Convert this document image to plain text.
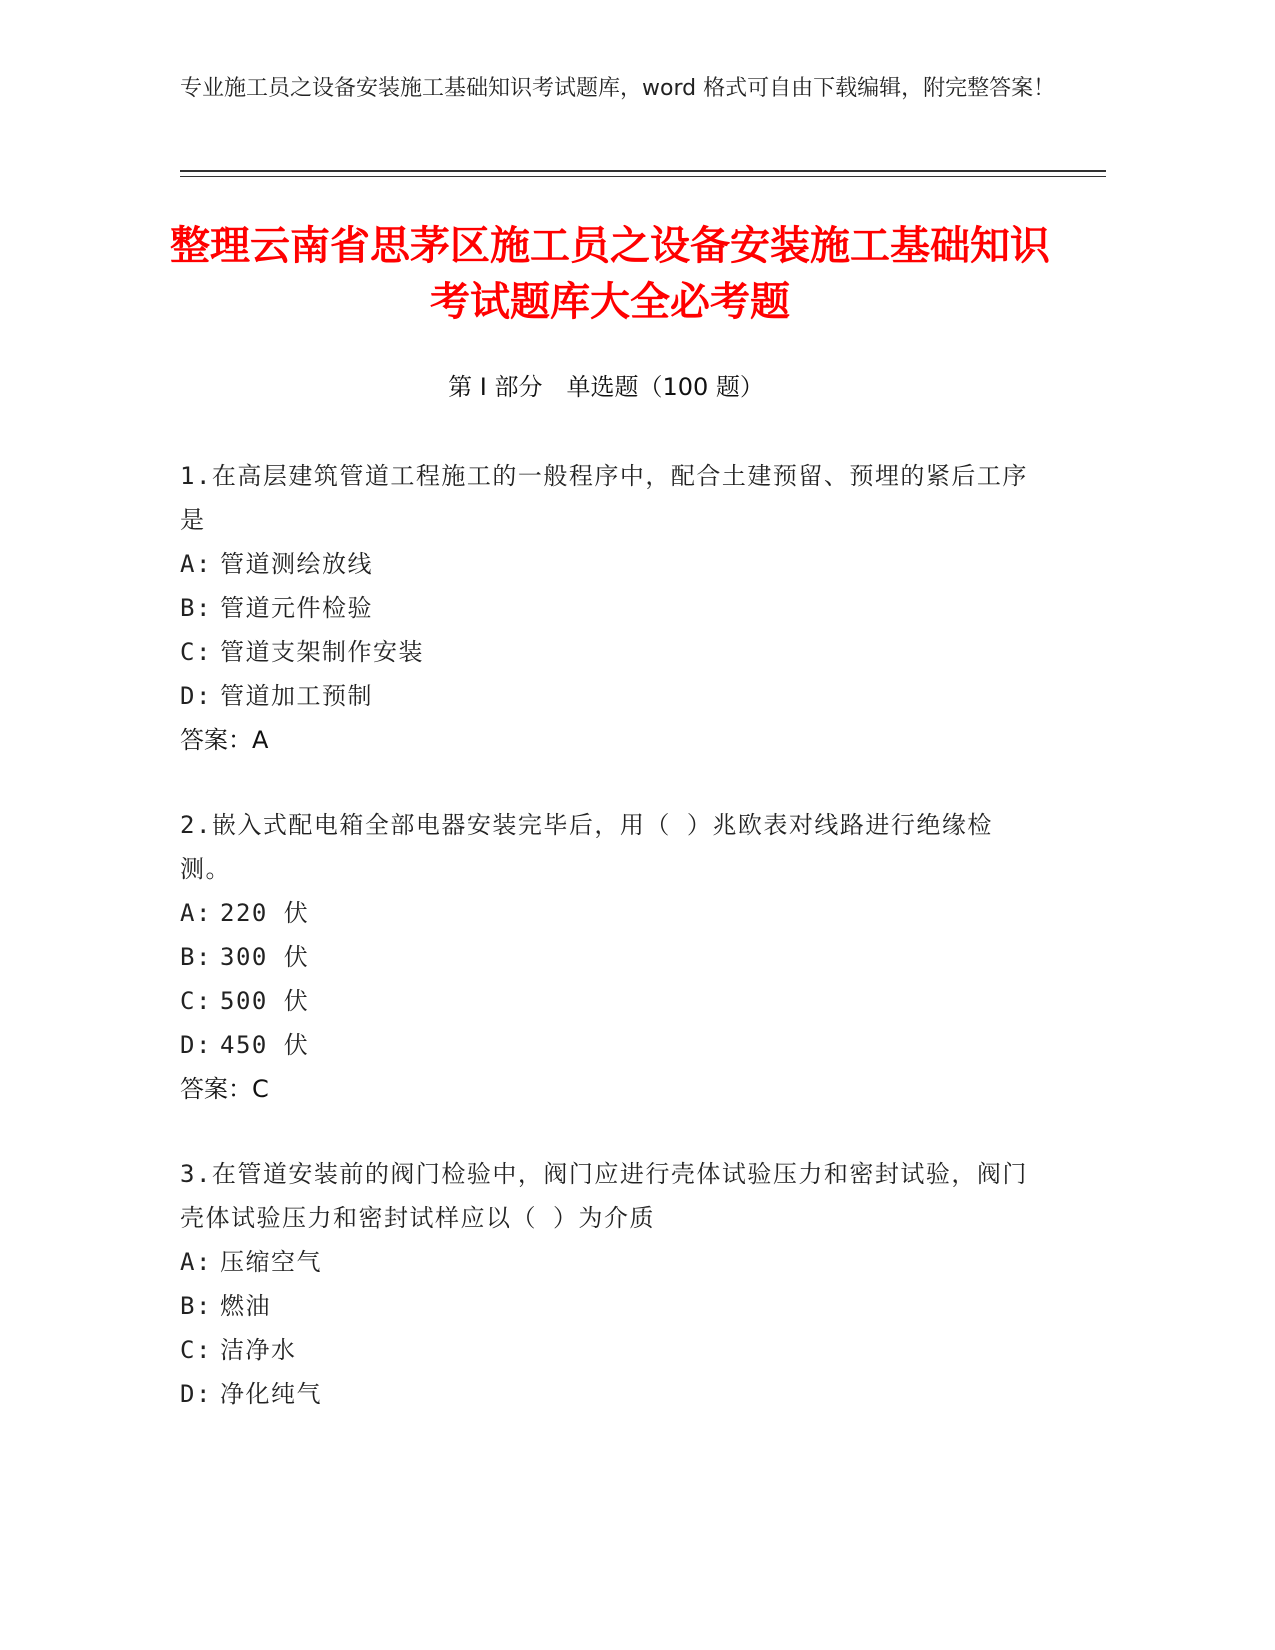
专业施工员之设备安装施工基础知识考试题库，word 格式可自由下载编辑，附完整答案！
整理云南省思茅区施工员之设备安装施工基础知识考试题库大全必考题
第 I 部分　单选题（100 题）
1.在高层建筑管道工程施工的一般程序中，配合土建预留、预埋的紧后工序是
A: 管道测绘放线
B: 管道元件检验
C: 管道支架制作安装
D: 管道加工预制
答案：A
2.嵌入式配电箱全部电器安装完毕后，用（ ）兆欧表对线路进行绝缘检测。
A: 220 伏
B: 300 伏
C: 500 伏
D: 450 伏
答案：C
3.在管道安装前的阀门检验中，阀门应进行壳体试验压力和密封试验，阀门壳体试验压力和密封试样应以（ ）为介质
A: 压缩空气
B: 燃油
C: 洁净水
D: 净化纯气
